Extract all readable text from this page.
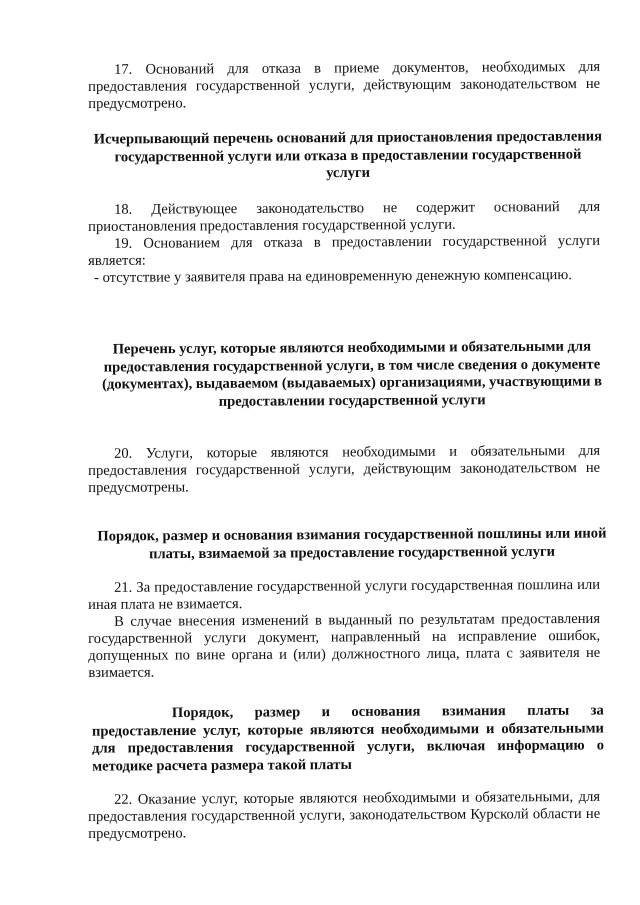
17. Оснований для отказа в приеме документов, необходимых для предоставления государственной услуги, действующим законодательством не предусмотрено.

Исчерпывающий перечень оснований для приостановления предоставления государственной услуги или отказа в предоставлении государственной услуги

18. Действующее законодательство не содержит оснований для приостановления предоставления государственной услуги.

19. Основанием для отказа в предоставлении государственной услуги является:

- отсутствие у заявителя права на единовременную денежную компенсацию.

Перечень услуг, которые являются необходимыми и обязательными для предоставления государственной услуги, в том числе сведения о документе (документах), выдаваемом (выдаваемых) организациями, участвующими в предоставлении государственной услуги

20. Услуги, которые являются необходимыми и обязательными для предоставления государственной услуги, действующим законодательством не предусмотрены.

Порядок, размер и основания взимания государственной пошлины или иной платы, взимаемой за предоставление государственной услуги

21. За предоставление государственной услуги государственная пошлина или иная плата не взимается.

В случае внесения изменений в выданный по результатам предоставления государственной услуги документ, направленный на исправление ошибок, допущенных по вине органа и (или) должностного лица, плата с заявителя не взимается.

Порядок, размер и основания взимания платы за предоставление услуг, которые являются необходимыми и обязательными для предоставления государственной услуги, включая информацию о методике расчета размера такой платы

22. Оказание услуг, которые являются необходимыми и обязательными, для предоставления государственной услуги, законодательством Курсколй области не предусмотрено.
